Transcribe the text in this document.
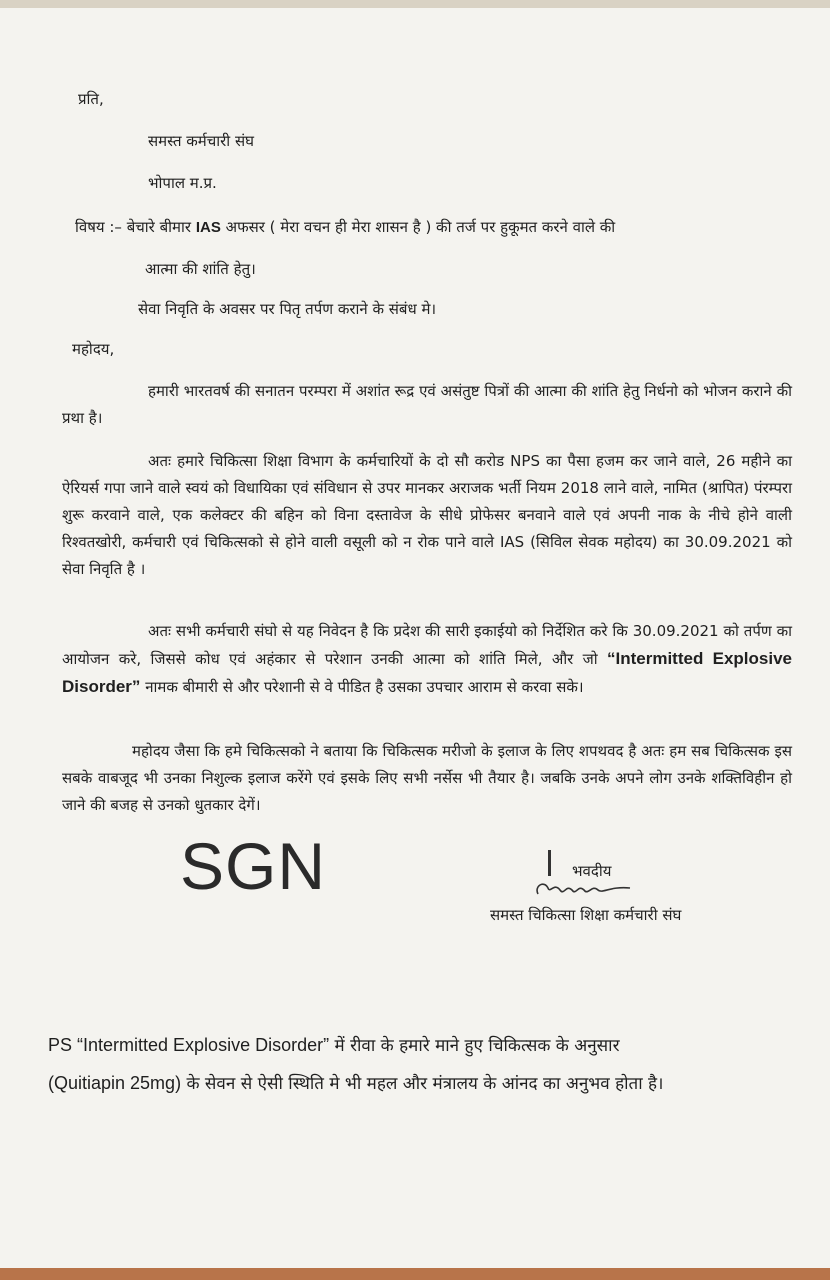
प्रति,

समस्त कर्मचारी संघ

भोपाल म.प्र.

विषय :– बेचारे बीमार IAS अफसर ( मेरा वचन ही मेरा शासन है ) की तर्ज पर हुकूमत करने वाले की

आत्मा की शांति हेतु।

सेवा निवृति के अवसर पर पितृ तर्पण कराने के संबंध मे।

महोदय,

हमारी भारतवर्ष की सनातन परम्परा में अशांत रूद्र एवं असंतुष्ट पित्रों की आत्मा की शांति हेतु निर्धनो को भोजन कराने की प्रथा है।

अतः हमारे चिकित्सा शिक्षा विभाग के कर्मचारियों के दो सौ करोड NPS का पैसा हजम कर जाने वाले, 26 महीने का ऐरियर्स गपा जाने वाले स्वयं को विधायिका एवं संविधान से उपर मानकर अराजक भर्ती नियम 2018 लाने वाले, नामित (श्रापित) पंरम्परा शुरू करवाने वाले, एक कलेक्टर की बहिन को विना दस्तावेज के सीधे प्रोफेसर बनवाने वाले एवं अपनी नाक के नीचे होने वाली रिश्वतखोरी, कर्मचारी एवं चिकित्सको से होने वाली वसूली को न रोक पाने वाले IAS (सिविल सेवक महोदय) का 30.09.2021 को सेवा निवृति है ।

अतः सभी कर्मचारी संघो से यह निवेदन है कि प्रदेश की सारी इकाईयो को निर्देशित करे कि 30.09.2021 को तर्पण का आयोजन करे, जिससे कोध एवं अहंकार से परेशान उनकी आत्मा को शांति मिले, और जो “Intermitted Explosive Disorder” नामक बीमारी से और परेशानी से वे पीडित है उसका उपचार आराम से करवा सके।

महोदय जैसा कि हमे चिकित्सको ने बताया कि चिकित्सक मरीजो के इलाज के लिए शपथवद है अतः हम सब चिकित्सक इस सबके वाबजूद भी उनका निशुल्क इलाज करेंगे एवं इसके लिए सभी नर्सेस भी तैयार है। जबकि उनके अपने लोग उनके शक्तिविहीन हो जाने की बजह से उनको धुतकार देगें।

SGN	भवदीय

समस्त चिकित्सा शिक्षा कर्मचारी संघ

PS “Intermitted Explosive Disorder” में रीवा के हमारे माने हुए चिकित्सक के अनुसार

(Quitiapin 25mg) के सेवन से ऐसी स्थिति मे भी महल और मंत्रालय के आंनद का अनुभव होता है।
